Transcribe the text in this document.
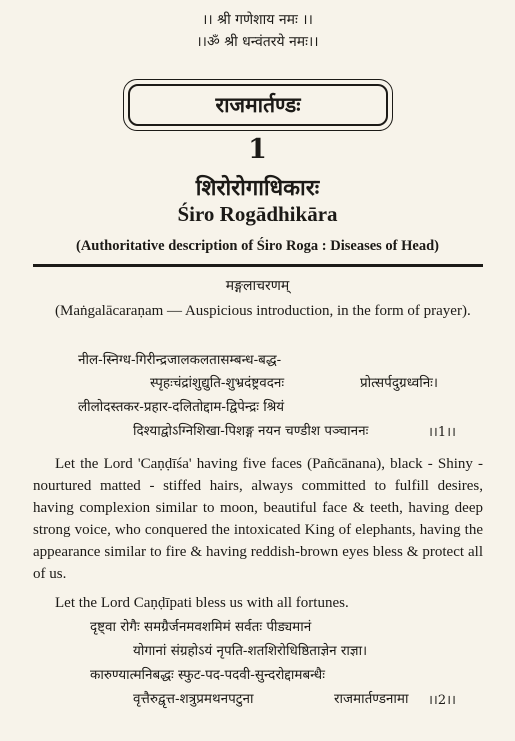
।। श्री गणेशाय नमः ।।
।।ॐ श्री धन्वंतरये नमः।।
राजमार्तण्डः
1
शिरोरोगाधिकारः
Śiro Rogādhikāra
(Authoritative description of Śiro Roga : Diseases of Head)
मङ्गलाचरणम्
(Maṅgalācaraṇam — Auspicious introduction, in the form of prayer).
नील-स्निग्ध-गिरीन्द्रजालकलतासम्बन्ध-बद्ध-
स्पृहःचंद्रांशुद्युति-शुभ्रदंष्ट्रवदनः	प्रोत्सर्पदुग्रध्वनिः।
लीलोदस्तकर-प्रहार-दलितोद्दाम-द्विपेन्द्रः श्रियं
दिश्याद्वोऽग्निशिखा-पिशङ्ग नयन चण्डीश पञ्चाननः	।।1।।
Let the Lord 'Caṇḍīśa' having five faces (Pañcānana), black - Shiny - nourtured matted - stiffed hairs, always committed to fulfill desires, having complexion similar to moon, beautiful face & teeth, having deep strong voice, who conquered the intoxicated King of elephants, having the appearance similar to fire & having reddish-brown eyes bless & protect all of us.
Let the Lord Caṇḍīpati bless us with all fortunes.
दृष्ट्वा रोगैः समग्रैर्जनमवशमिमं सर्वतः पीड्यमानं
योगानां संग्रहोऽयं नृपति-शतशिरोधिष्ठिताज्ञेन राज्ञा।
कारुण्यात्मनिबद्धः स्फुट-पद-पदवी-सुन्दरोद्दामबन्धैः
वृत्तैरुद्वृत्त-शत्रुप्रमथनपटुना	राजमार्तण्डनामा ।।2।।
